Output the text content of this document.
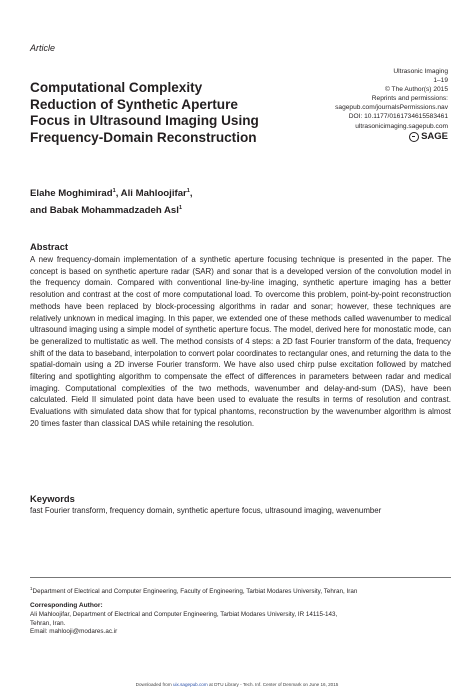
Article
Computational Complexity
Reduction of Synthetic Aperture
Focus in Ultrasound Imaging Using
Frequency-Domain Reconstruction
Ultrasonic Imaging
1–19
© The Author(s) 2015
Reprints and permissions:
sagepub.com/journalsPermissions.nav
DOI: 10.1177/0161734615583461
ultrasonicimaging.sagepub.com
SAGE
Elahe Moghimirad$^1$, Ali Mahloojifar$^1$,
and Babak Mohammadzadeh Asl$^1$
Abstract

A new frequency-domain implementation of a synthetic aperture focusing technique is presented in the paper. The concept is based on synthetic aperture radar (SAR) and sonar that is a developed version of the convolution model in the frequency domain. Compared with conventional line-by-line imaging, synthetic aperture imaging has a better resolution and contrast at the cost of more computational load. To overcome this problem, point-by-point reconstruction methods have been replaced by block-processing algorithms in radar and sonar; however, these techniques are relatively unknown in medical imaging. In this paper, we extended one of these methods called wavenumber to medical ultrasound imaging using a simple model of synthetic aperture focus. The model, derived here for monostatic mode, can be generalized to multistatic as well. The method consists of 4 steps: a 2D fast Fourier transform of the data, frequency shift of the data to baseband, interpolation to convert polar coordinates to rectangular ones, and returning the data to the spatial-domain using a 2D inverse Fourier transform. We have also used chirp pulse excitation followed by matched filtering and spotlighting algorithm to compensate the effect of differences in parameters between radar and medical imaging. Computational complexities of the two methods, wavenumber and delay-and-sum (DAS), have been calculated. Field II simulated point data have been used to evaluate the results in terms of resolution and contrast. Evaluations with simulated data show that for typical phantoms, reconstruction by the wavenumber algorithm is almost 20 times faster than classical DAS while retaining the resolution.

Keywords

fast Fourier transform, frequency domain, synthetic aperture focus, ultrasound imaging, wavenumber

$^1$Department of Electrical and Computer Engineering, Faculty of Engineering, Tarbiat Modares University, Tehran, Iran
Corresponding Author:
Ali Mahloojifar, Department of Electrical and Computer Engineering, Tarbiat Modares University, IR 14115-143,
Tehran, Iran.
Email: mahlooji@modares.ac.ir
Downloaded from uix.sagepub.com at DTU Library - Tech. Inf. Center of Denmark on June 16, 2015
